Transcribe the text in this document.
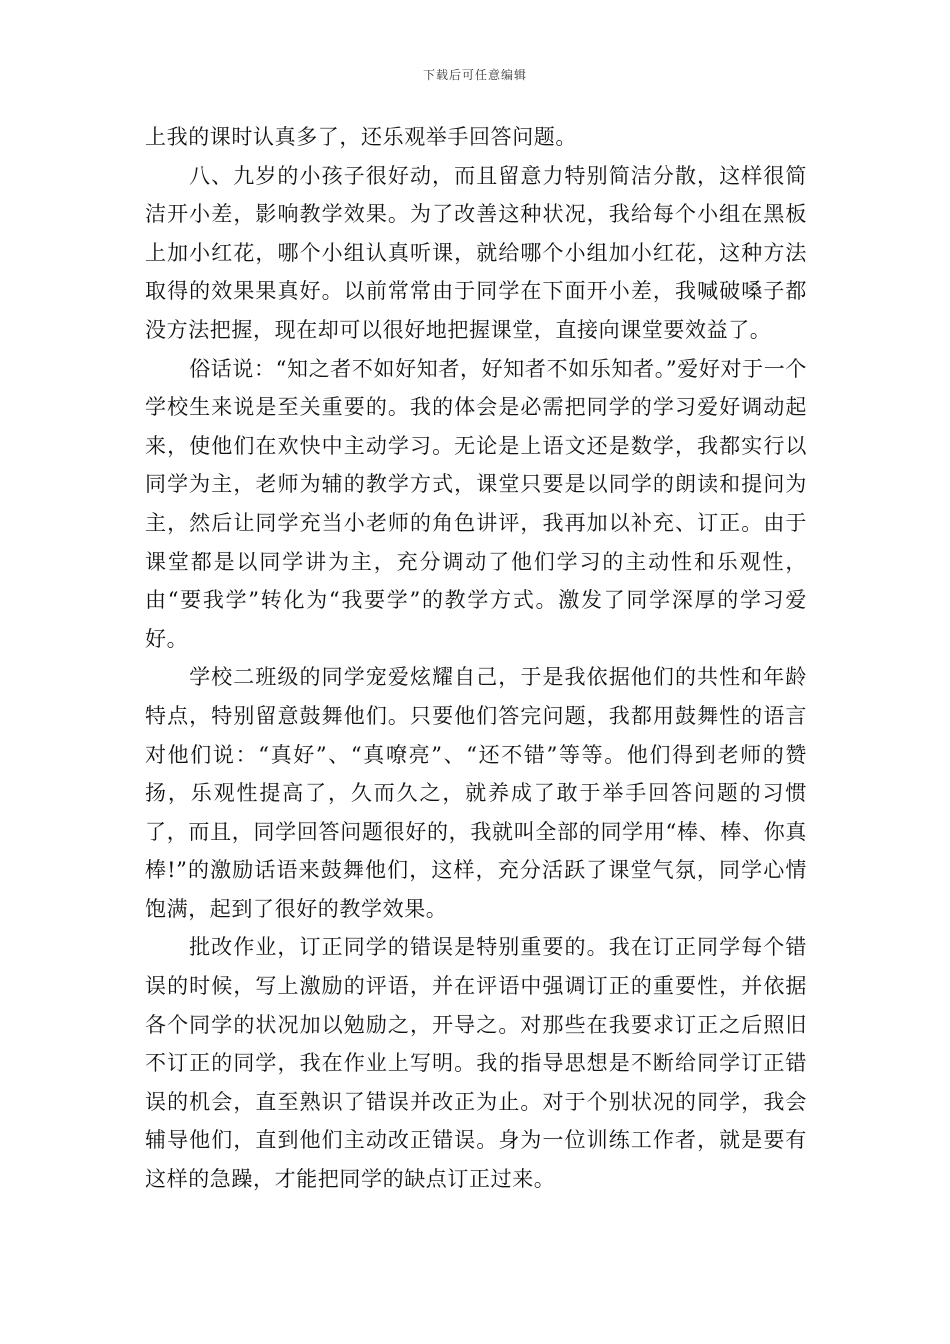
下载后可任意编辑

上我的课时认真多了，还乐观举手回答问题。

八、九岁的小孩子很好动，而且留意力特别简洁分散，这样很简洁开小差，影响教学效果。为了改善这种状况，我给每个小组在黑板上加小红花，哪个小组认真听课，就给哪个小组加小红花，这种方法取得的效果果真好。以前常常由于同学在下面开小差，我喊破嗓子都没方法把握，现在却可以很好地把握课堂，直接向课堂要效益了。

俗话说：“知之者不如好知者，好知者不如乐知者。”爱好对于一个学校生来说是至关重要的。我的体会是必需把同学的学习爱好调动起来，使他们在欢快中主动学习。无论是上语文还是数学，我都实行以同学为主，老师为辅的教学方式，课堂只要是以同学的朗读和提问为主，然后让同学充当小老师的角色讲评，我再加以补充、订正。由于课堂都是以同学讲为主，充分调动了他们学习的主动性和乐观性，由“要我学”转化为“我要学”的教学方式。激发了同学深厚的学习爱好。

学校二班级的同学宠爱炫耀自己，于是我依据他们的共性和年龄特点，特别留意鼓舞他们。只要他们答完问题，我都用鼓舞性的语言对他们说：“真好”、“真嘹亮”、“还不错”等等。他们得到老师的赞扬，乐观性提高了，久而久之，就养成了敢于举手回答问题的习惯了，而且，同学回答问题很好的，我就叫全部的同学用“棒、棒、你真棒!”的激励话语来鼓舞他们，这样，充分活跃了课堂气氛，同学心情饱满，起到了很好的教学效果。

批改作业，订正同学的错误是特别重要的。我在订正同学每个错误的时候，写上激励的评语，并在评语中强调订正的重要性，并依据各个同学的状况加以勉励之，开导之。对那些在我要求订正之后照旧不订正的同学，我在作业上写明。我的指导思想是不断给同学订正错误的机会，直至熟识了错误并改正为止。对于个别状况的同学，我会辅导他们，直到他们主动改正错误。身为一位训练工作者，就是要有这样的急躁，才能把同学的缺点订正过来。
